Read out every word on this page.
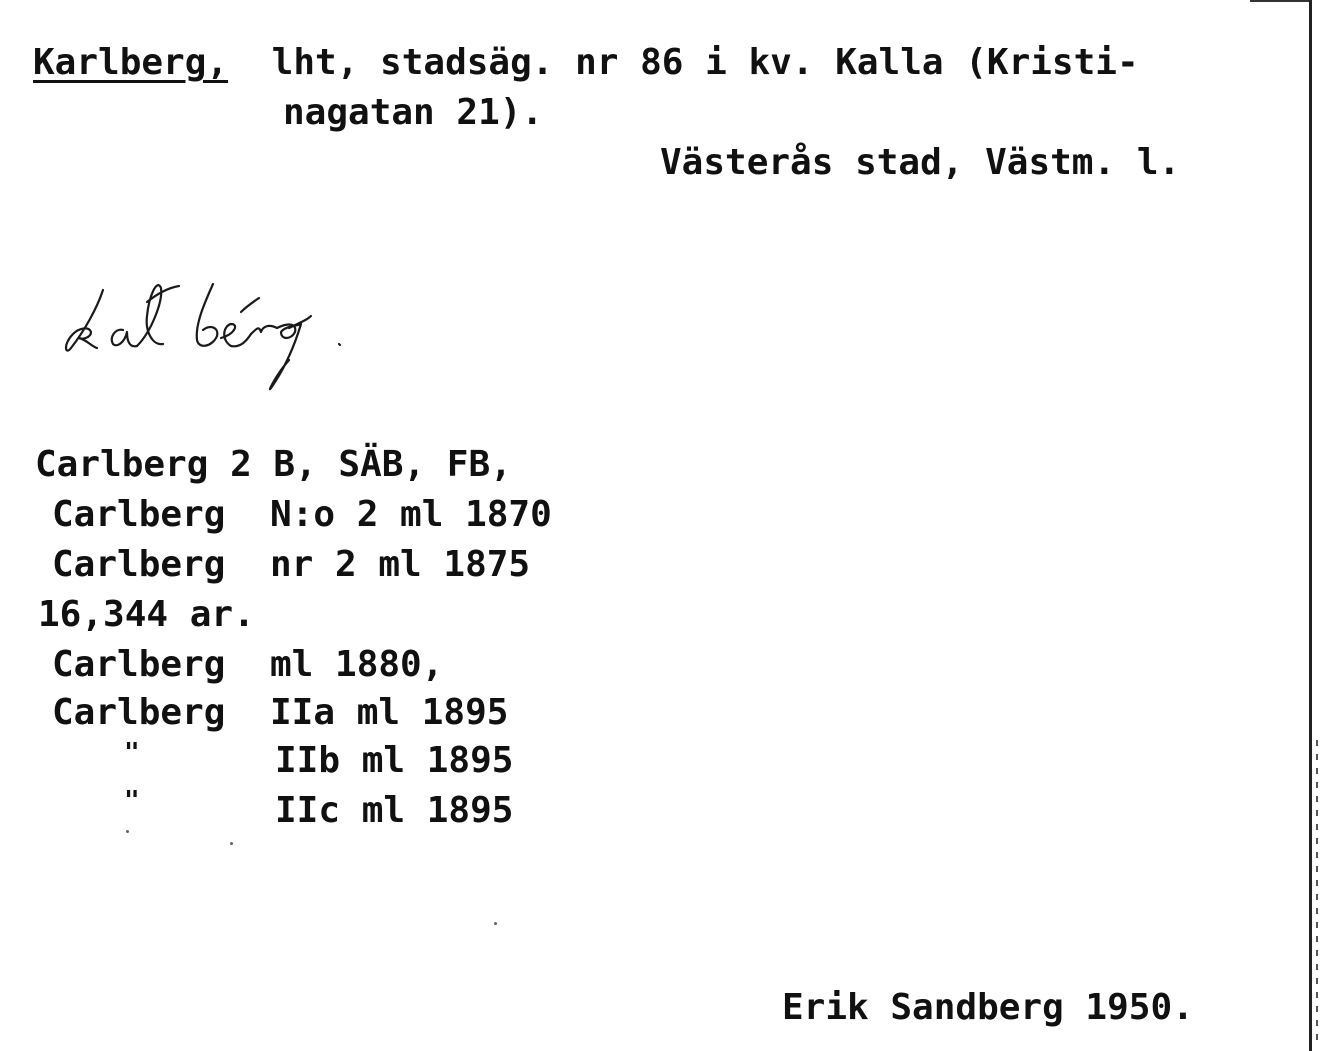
Karlberg, lht, stadsäg. nr 86 i kv. Kalla (Kristi-
nagatan 21).
Västerås stad, Västm. l.
Carlberg 2 B, SÄB, FB,
Carlberg N:o 2 ml 1870
Carlberg nr 2 ml 1875
16,344 ar.
Carlberg ml 1880,
Carlberg IIa ml 1895
"	IIb ml 1895
"	IIc ml 1895
Erik Sandberg 1950.
